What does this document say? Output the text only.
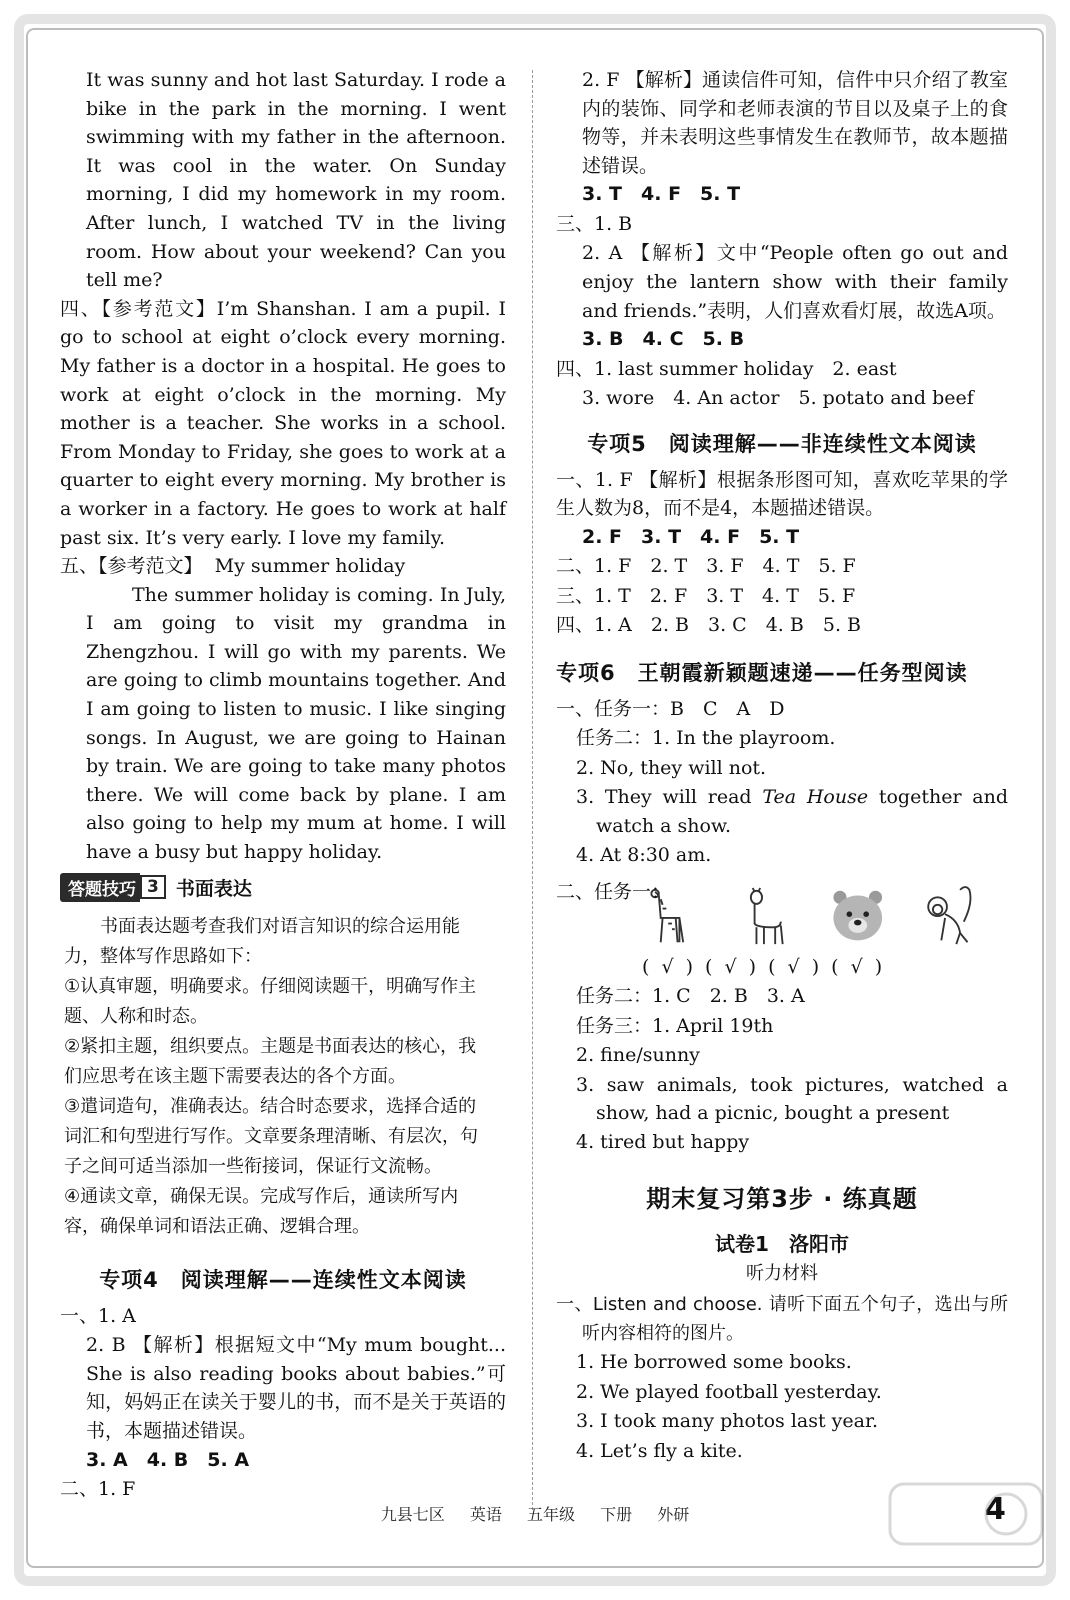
It was sunny and hot last Saturday. I rode a bike in the park in the morning. I went swimming with my father in the afternoon. It was cool in the water. On Sunday morning, I did my homework in my room. After lunch, I watched TV in the living room. How about your weekend? Can you tell me?

四、【参考范文】I’m Shanshan. I am a pupil. I go to school at eight o’clock every morning. My father is a doctor in a hospital. He goes to work at eight o’clock in the morning. My mother is a teacher. She works in a school. From Monday to Friday, she goes to work at a quarter to eight every morning. My brother is a worker in a factory. He goes to work at half past six. It’s very early. I love my family.

五、【参考范文】 My summer holiday

The summer holiday is coming. In July, I am going to visit my grandma in Zhengzhou. I will go with my parents. We are going to climb mountains together. And I am going to listen to music. I like singing songs. In August, we are going to Hainan by train. We are going to take many photos there. We will come back by plane. I am also going to help my mum at home. I will have a busy but happy holiday.

答题技巧 3 书面表达
书面表达题考查我们对语言知识的综合运用能力，整体写作思路如下：
①认真审题，明确要求。仔细阅读题干，明确写作主题、人称和时态。
②紧扣主题，组织要点。主题是书面表达的核心，我们应思考在该主题下需要表达的各个方面。
③遣词造句，准确表达。结合时态要求，选择合适的词汇和句型进行写作。文章要条理清晰、有层次，句子之间可适当添加一些衔接词，保证行文流畅。
④通读文章，确保无误。完成写作后，通读所写内容，确保单词和语法正确、逻辑合理。
专项4　阅读理解——连续性文本阅读

一、1. A

2. B 【解析】根据短文中“My mum bought... She is also reading books about babies.”可知，妈妈正在读关于婴儿的书，而不是关于英语的书，本题描述错误。

3. A　4. B　5. A

二、1. F

2. F 【解析】通读信件可知，信件中只介绍了教室内的装饰、同学和老师表演的节目以及桌子上的食物等，并未表明这些事情发生在教师节，故本题描述错误。

3. T　4. F　5. T

三、1. B

2. A 【解析】文中“People often go out and enjoy the lantern show with their family and friends.”表明，人们喜欢看灯展，故选A项。

3. B　4. C　5. B

四、1. last summer holiday　2. east

3. wore　4. An actor　5. potato and beef

专项5　阅读理解——非连续性文本阅读

一、1. F 【解析】根据条形图可知，喜欢吃苹果的学生人数为8，而不是4，本题描述错误。

2. F　3. T　4. F　5. T

二、1. F　2. T　3. F　4. T　5. F

三、1. T　2. F　3. T　4. T　5. F

四、1. A　2. B　3. C　4. B　5. B

专项6　王朝霞新颖题速递——任务型阅读

一、任务一：B　C　A　D

任务二：1. In the playroom.

2. No, they will not.

3. They will read Tea House together and watch a show.

4. At 8:30 am.

二、任务一：
( √ ) ( √ ) ( √ ) ( √ )

任务二：1. C　2. B　3. A

任务三：1. April 19th

2. fine/sunny

3. saw animals, took pictures, watched a show, had a picnic, bought a present

4. tired but happy

期末复习第3步 · 练真题
试卷1　洛阳市
听力材料

一、Listen and choose. 请听下面五个句子，选出与所听内容相符的图片。

1. He borrowed some books.

2. We played football yesterday.

3. I took many photos last year.

4. Let’s fly a kite.

九县七区 英语 五年级 下册 外研	4
